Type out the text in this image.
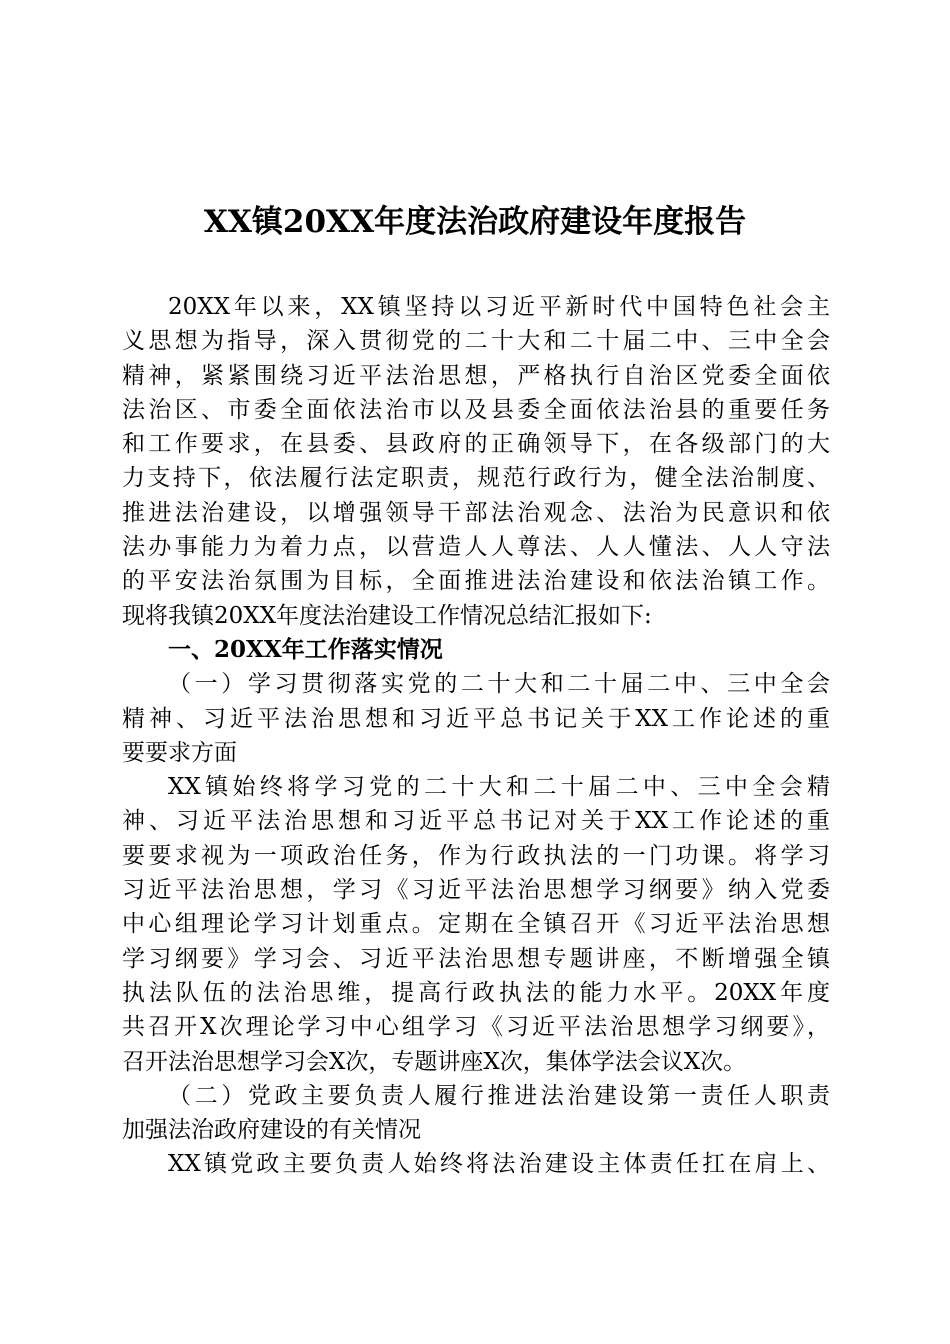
XX镇20XX年度法治政府建设年度报告
20XX年以来，XX镇坚持以习近平新时代中国特色社会主
义思想为指导，深入贯彻党的二十大和二十届二中、三中全会
精神，紧紧围绕习近平法治思想，严格执行自治区党委全面依
法治区、市委全面依法治市以及县委全面依法治县的重要任务
和工作要求，在县委、县政府的正确领导下，在各级部门的大
力支持下，依法履行法定职责，规范行政行为，健全法治制度、
推进法治建设，以增强领导干部法治观念、法治为民意识和依
法办事能力为着力点，以营造人人尊法、人人懂法、人人守法
的平安法治氛围为目标，全面推进法治建设和依法治镇工作。
现将我镇20XX年度法治建设工作情况总结汇报如下:
一、20XX年工作落实情况
（一）学习贯彻落实党的二十大和二十届二中、三中全会
精神、习近平法治思想和习近平总书记关于XX工作论述的重
要要求方面
XX镇始终将学习党的二十大和二十届二中、三中全会精
神、习近平法治思想和习近平总书记对关于XX工作论述的重
要要求视为一项政治任务，作为行政执法的一门功课。将学习
习近平法治思想，学习《习近平法治思想学习纲要》纳入党委
中心组理论学习计划重点。定期在全镇召开《习近平法治思想
学习纲要》学习会、习近平法治思想专题讲座，不断增强全镇
执法队伍的法治思维，提高行政执法的能力水平。20XX年度
共召开X次理论学习中心组学习《习近平法治思想学习纲要》，
召开法治思想学习会X次，专题讲座X次，集体学法会议X次。
（二）党政主要负责人履行推进法治建设第一责任人职责
加强法治政府建设的有关情况
XX镇党政主要负责人始终将法治建设主体责任扛在肩上、
